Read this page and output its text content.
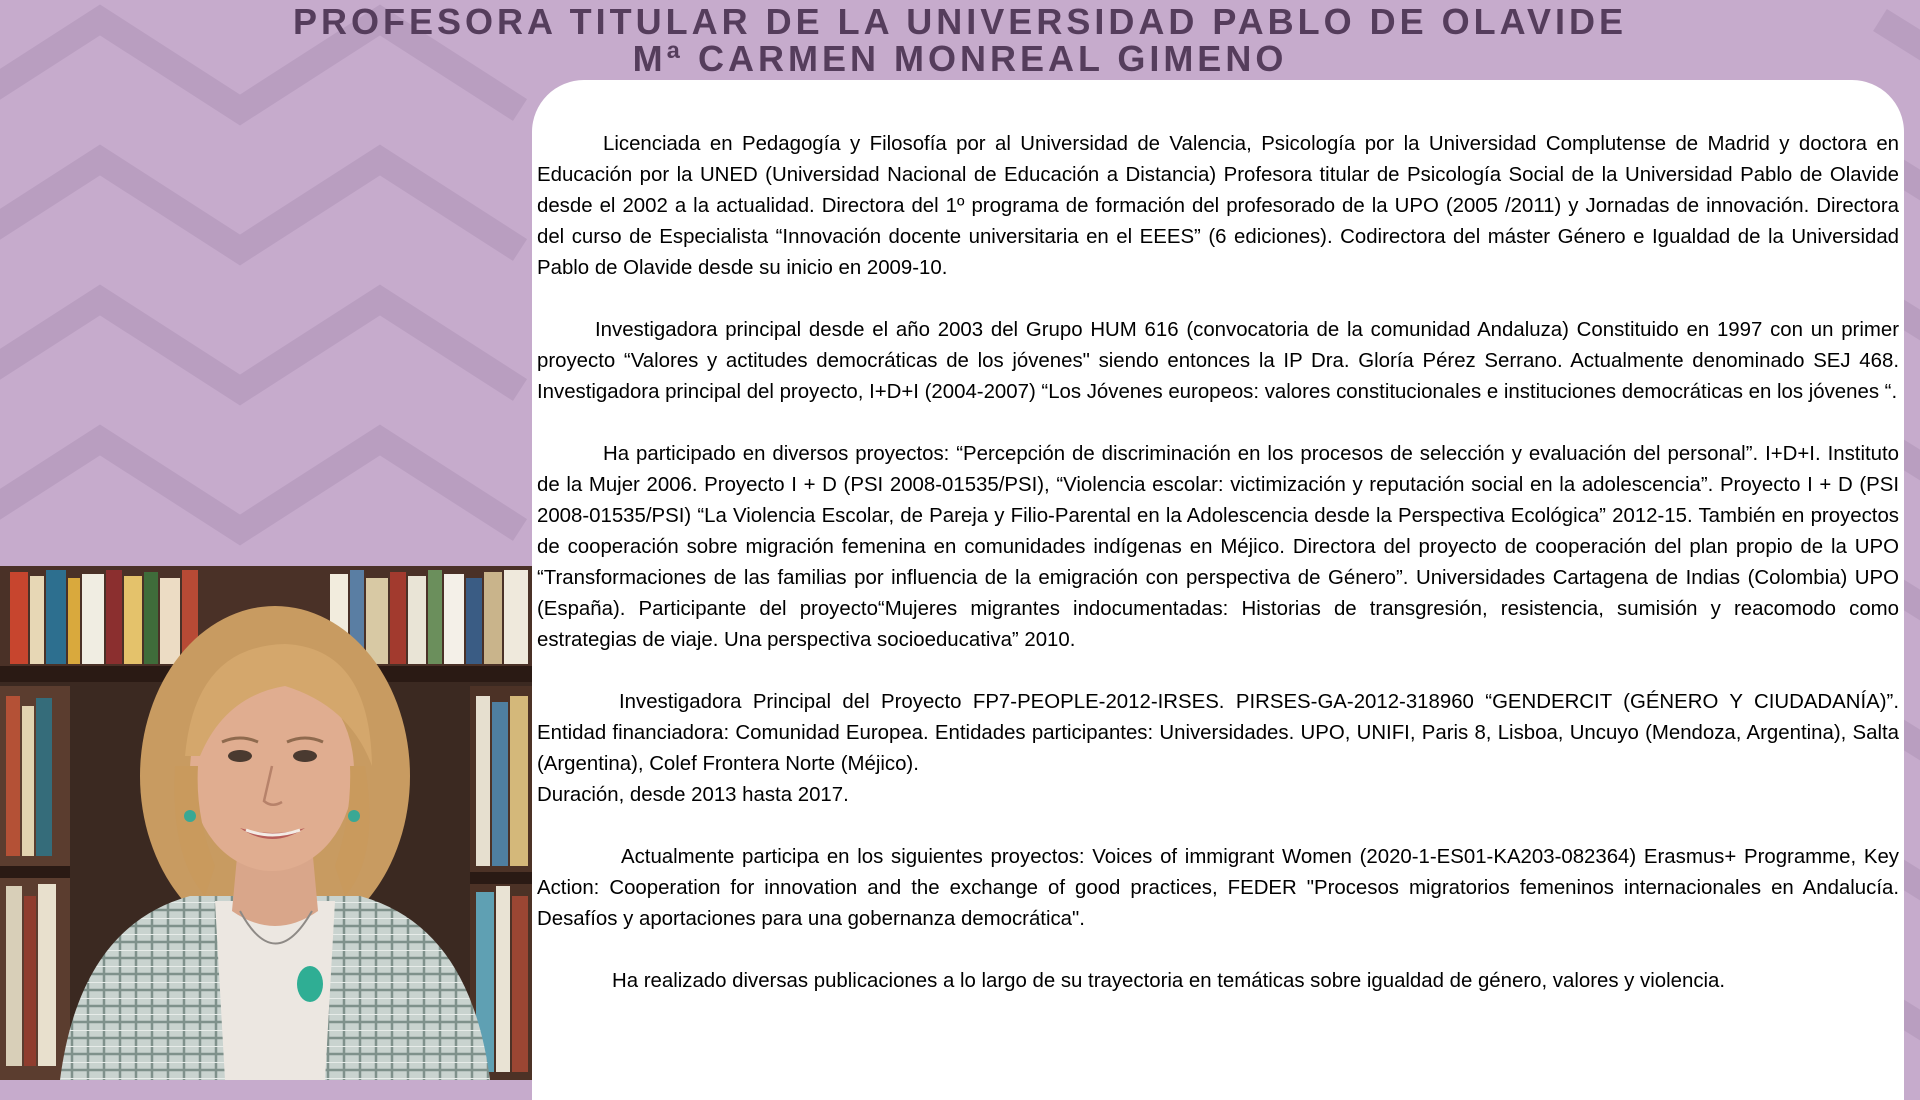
PROFESORA TITULAR DE LA UNIVERSIDAD PABLO DE OLAVIDE
Mª CARMEN MONREAL GIMENO

Licenciada en Pedagogía y Filosofía por al Universidad de Valencia, Psicología por la Universidad Complutense de Madrid y doctora en Educación por la UNED (Universidad Nacional de Educación a Distancia) Profesora titular de Psicología Social de la Universidad Pablo de Olavide desde el 2002 a la actualidad. Directora del 1º programa de formación del profesorado de la UPO (2005 /2011) y Jornadas de innovación. Directora del curso de Especialista “Innovación docente universitaria en el EEES” (6 ediciones). Codirectora del máster Género e Igualdad de la Universidad Pablo de Olavide desde su inicio en 2009-10.

Investigadora principal desde el año 2003 del Grupo HUM 616 (convocatoria de la comunidad Andaluza) Constituido en 1997 con un primer proyecto “Valores y actitudes democráticas de los jóvenes" siendo entonces la IP Dra. Gloría Pérez Serrano. Actualmente denominado SEJ 468. Investigadora principal del proyecto, I+D+I (2004-2007) “Los Jóvenes europeos: valores constitucionales e instituciones democráticas en los jóvenes “.

Ha participado en diversos proyectos: “Percepción de discriminación en los procesos de selección y evaluación del personal”. I+D+I. Instituto de la Mujer 2006. Proyecto I + D (PSI 2008-01535/PSI), “Violencia escolar: victimización y reputación social en la adolescencia”. Proyecto I + D (PSI 2008-01535/PSI) “La Violencia Escolar, de Pareja y Filio-Parental en la Adolescencia desde la Perspectiva Ecológica” 2012-15. También en proyectos de cooperación sobre migración femenina en comunidades indígenas en Méjico. Directora del proyecto de cooperación del plan propio de la UPO “Transformaciones de las familias por influencia de la emigración con perspectiva de Género”. Universidades Cartagena de Indias (Colombia) UPO (España). Participante del proyecto“Mujeres migrantes indocumentadas: Historias de transgresión, resistencia, sumisión y reacomodo como estrategias de viaje. Una perspectiva socioeducativa” 2010.

Investigadora Principal del Proyecto FP7-PEOPLE-2012-IRSES. PIRSES-GA-2012-318960 “GENDERCIT (GÉNERO Y CIUDADANÍA)”. Entidad financiadora: Comunidad Europea. Entidades participantes: Universidades. UPO, UNIFI, Paris 8, Lisboa, Uncuyo (Mendoza, Argentina), Salta (Argentina), Colef Frontera Norte (Méjico).

Duración, desde 2013 hasta 2017.

Actualmente participa en los siguientes proyectos: Voices of immigrant Women (2020-1-ES01-KA203-082364) Erasmus+ Programme, Key Action: Cooperation for innovation and the exchange of good practices, FEDER "Procesos migratorios femeninos internacionales en Andalucía. Desafíos y aportaciones para una gobernanza democrática".

Ha realizado diversas publicaciones a lo largo de su trayectoria en temáticas sobre igualdad de género, valores y violencia.
